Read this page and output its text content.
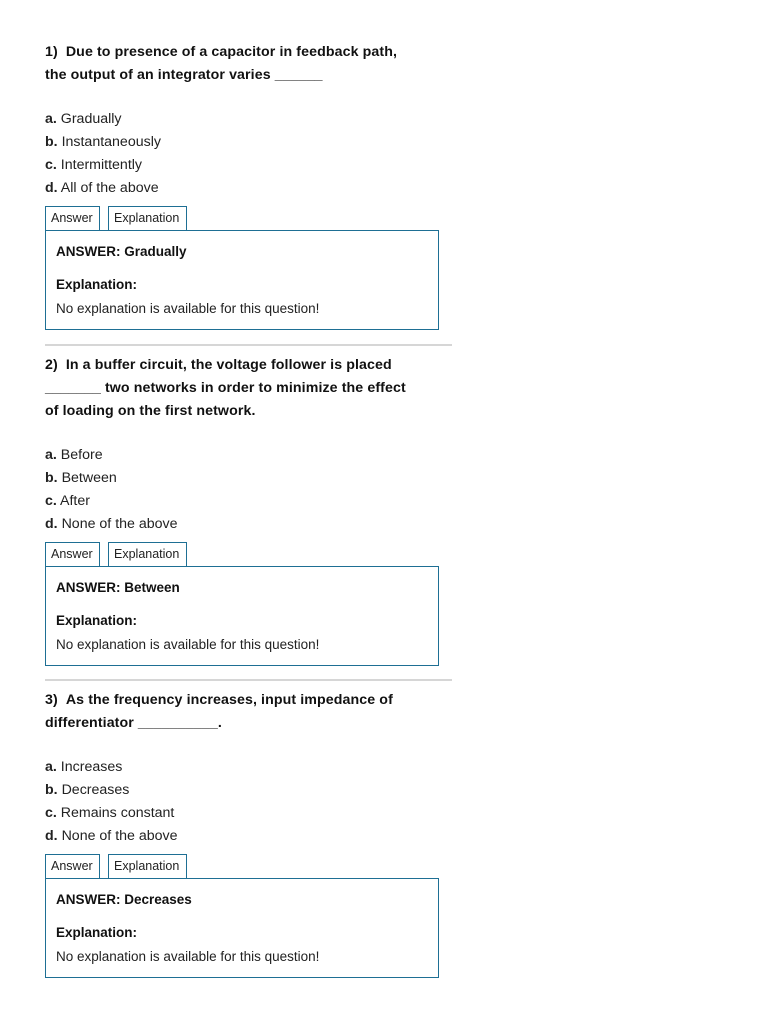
1) Due to presence of a capacitor in feedback path,
the output of an integrator varies ______
a. Gradually
b. Instantaneously
c. Intermittently
d. All of the above
Answer	Explanation
ANSWER: Gradually
Explanation:
No explanation is available for this question!
2) In a buffer circuit, the voltage follower is placed
_______ two networks in order to minimize the effect
of loading on the first network.
a. Before
b. Between
c. After
d. None of the above
Answer	Explanation
ANSWER: Between
Explanation:
No explanation is available for this question!
3) As the frequency increases, input impedance of
differentiator __________.
a. Increases
b. Decreases
c. Remains constant
d. None of the above
Answer	Explanation
ANSWER: Decreases
Explanation:
No explanation is available for this question!
